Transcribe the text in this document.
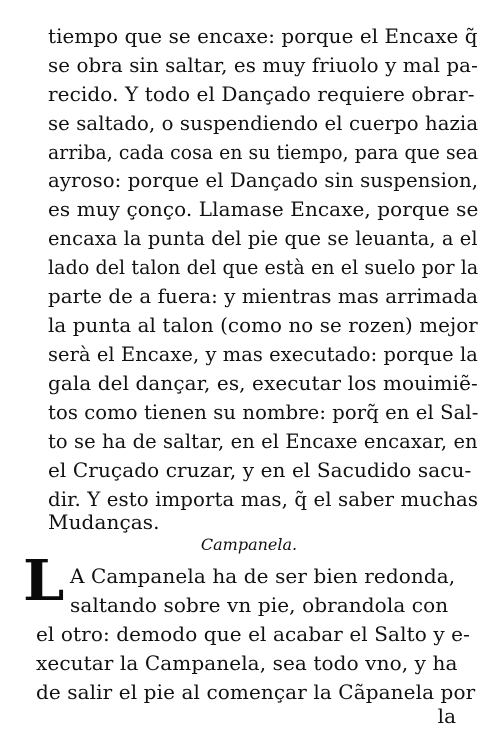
tiempo que se encaxe: porque el Encaxe q̃
se obra sin saltar, es muy friuolo y mal pa-
recido. Y todo el Dançado requiere obrar-
se saltado, o suspendiendo el cuerpo hazia
arriba, cada cosa en su tiempo, para que sea
ayroso: porque el Dançado sin suspension,
es muy çonço. Llamase Encaxe, porque se
encaxa la punta del pie que se leuanta, a el
lado del talon del que està en el suelo por la
parte de a fuera: y mientras mas arrimada
la punta al talon (como no se rozen) mejor
serà el Encaxe, y mas executado: porque la
gala del dançar, es, executar los mouimiẽ-
tos como tienen su nombre: porq̃ en el Sal-
to se ha de saltar, en el Encaxe encaxar, en
el Cruçado cruzar, y en el Sacudido sacu-
dir. Y esto importa mas, q̃ el saber muchas
Mudanças.
Campanela.
L A Campanela ha de ser bien redonda,
saltando sobre vn pie, obrandola con
el otro: demodo que el acabar el Salto y e-
xecutar la Campanela, sea todo vno, y ha
de salir el pie al començar la Cãpanela por
la
